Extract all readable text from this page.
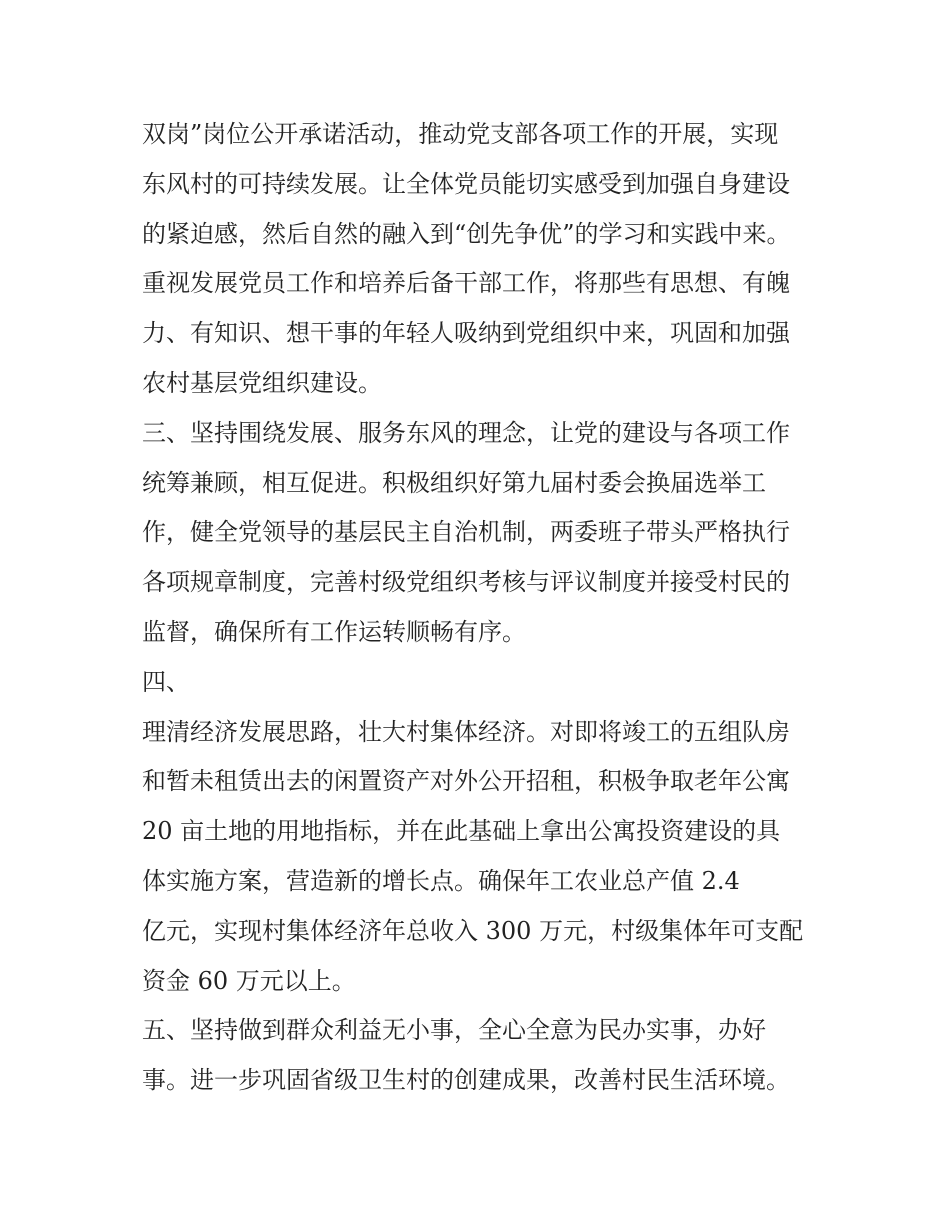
双岗”岗位公开承诺活动，推动党支部各项工作的开展，实现
东风村的可持续发展。让全体党员能切实感受到加强自身建设
的紧迫感，然后自然的融入到“创先争优”的学习和实践中来。
重视发展党员工作和培养后备干部工作，将那些有思想、有魄
力、有知识、想干事的年轻人吸纳到党组织中来，巩固和加强
农村基层党组织建设。
三、坚持围绕发展、服务东风的理念，让党的建设与各项工作
统筹兼顾，相互促进。积极组织好第九届村委会换届选举工
作，健全党领导的基层民主自治机制，两委班子带头严格执行
各项规章制度，完善村级党组织考核与评议制度并接受村民的
监督，确保所有工作运转顺畅有序。
四、
理清经济发展思路，壮大村集体经济。对即将竣工的五组队房
和暂未租赁出去的闲置资产对外公开招租，积极争取老年公寓
20 亩土地的用地指标，并在此基础上拿出公寓投资建设的具
体实施方案，营造新的增长点。确保年工农业总产值 2.4
亿元，实现村集体经济年总收入 300 万元，村级集体年可支配
资金 60 万元以上。
五、坚持做到群众利益无小事，全心全意为民办实事，办好
事。进一步巩固省级卫生村的创建成果，改善村民生活环境。
